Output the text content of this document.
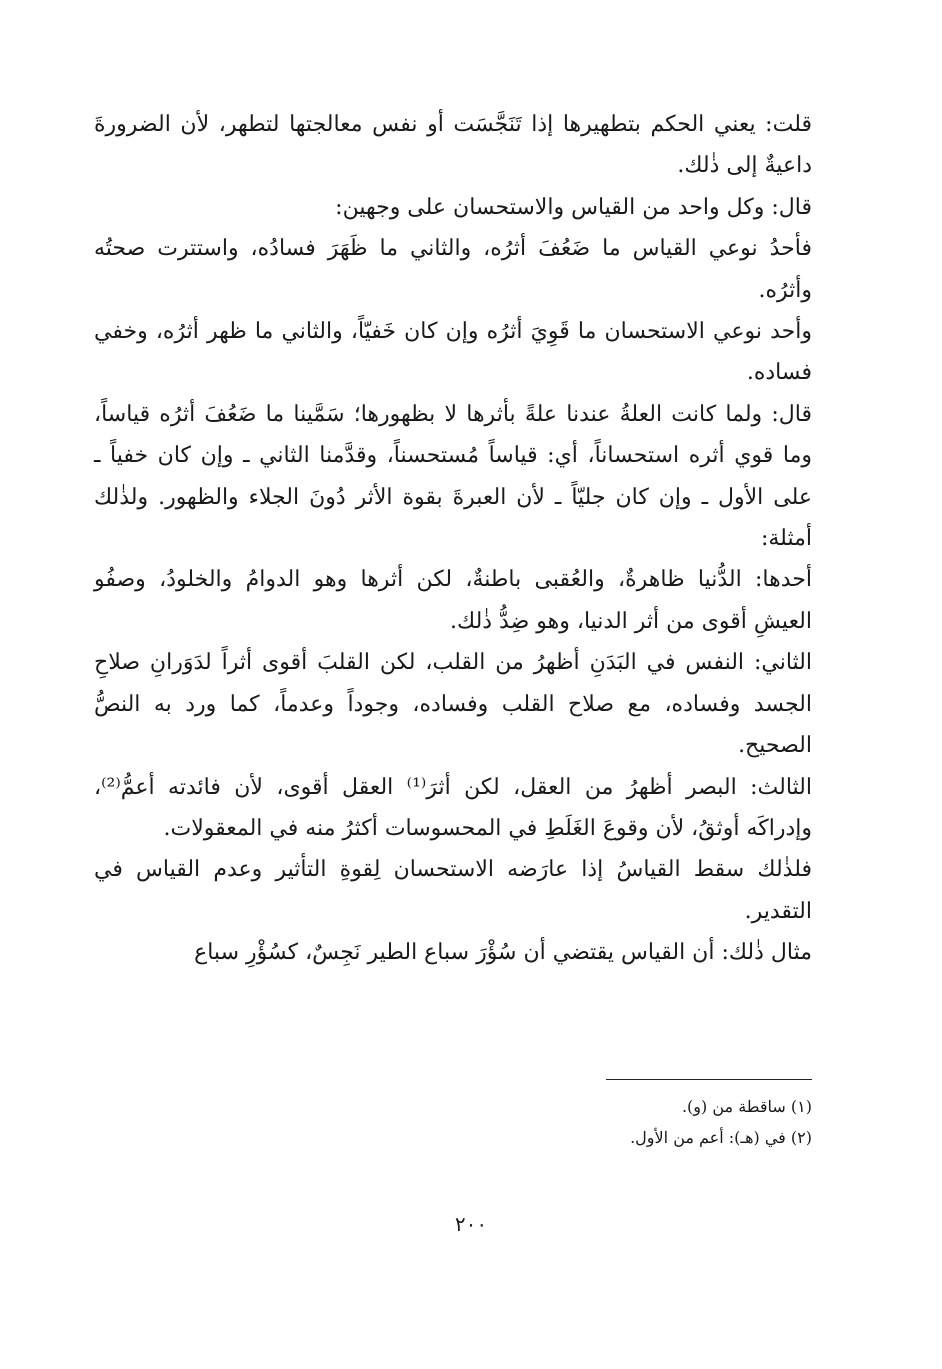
قلت: يعني الحكم بتطهيرها إذا تَنَجَّسَت أو نفس معالجتها لتطهر، لأن الضرورةَ داعيةٌ إلى ذٰلك.

قال: وكل واحد من القياس والاستحسان على وجهين:

فأحدُ نوعي القياس ما ضَعُفَ أثرُه، والثاني ما ظَهَرَ فسادُه، واستترت صحتُه وأثرُه.

وأحد نوعي الاستحسان ما قَوِيَ أثرُه وإن كان خَفيّاً، والثاني ما ظهر أثرُه، وخفي فساده.

قال: ولما كانت العلةُ عندنا علةً بأثرها لا بظهورها؛ سَمَّينا ما ضَعُفَ أثرُه قياساً، وما قوي أثره استحساناً، أي: قياساً مُستحسناً، وقدَّمنا الثاني ـ وإن كان خفياً ـ على الأول ـ وإن كان جليّاً ـ لأن العبرةَ بقوة الأثر دُونَ الجلاء والظهور. ولذٰلك أمثلة:

أحدها: الدُّنيا ظاهرةٌ، والعُقبى باطنةٌ، لكن أثرها وهو الدوامُ والخلودُ، وصفُو العيشِ أقوى من أثر الدنيا، وهو ضِدُّ ذٰلك.

الثاني: النفس في البَدَنِ أظهرُ من القلب، لكن القلبَ أقوى أثراً لدَوَرانِ صلاحِ الجسد وفساده، مع صلاح القلب وفساده، وجوداً وعدماً، كما ورد به النصُّ الصحيح.

الثالث: البصر أظهرُ من العقل، لكن أثرَ⁽¹⁾ العقل أقوى، لأن فائدته أعمُّ⁽²⁾، وإدراكَه أوثقُ، لأن وقوعَ الغَلَطِ في المحسوسات أكثرُ منه في المعقولات.

فلذٰلك سقط القياسُ إذا عارَضه الاستحسان لِقوةِ التأثير وعدم القياس في التقدير.

مثال ذٰلك: أن القياس يقتضي أن سُؤْرَ سباع الطير نَجِسٌ، كسُؤْرِ سباع

(١) ساقطة من (و).

(٢) في (هـ): أعم من الأول.

٢٠٠
